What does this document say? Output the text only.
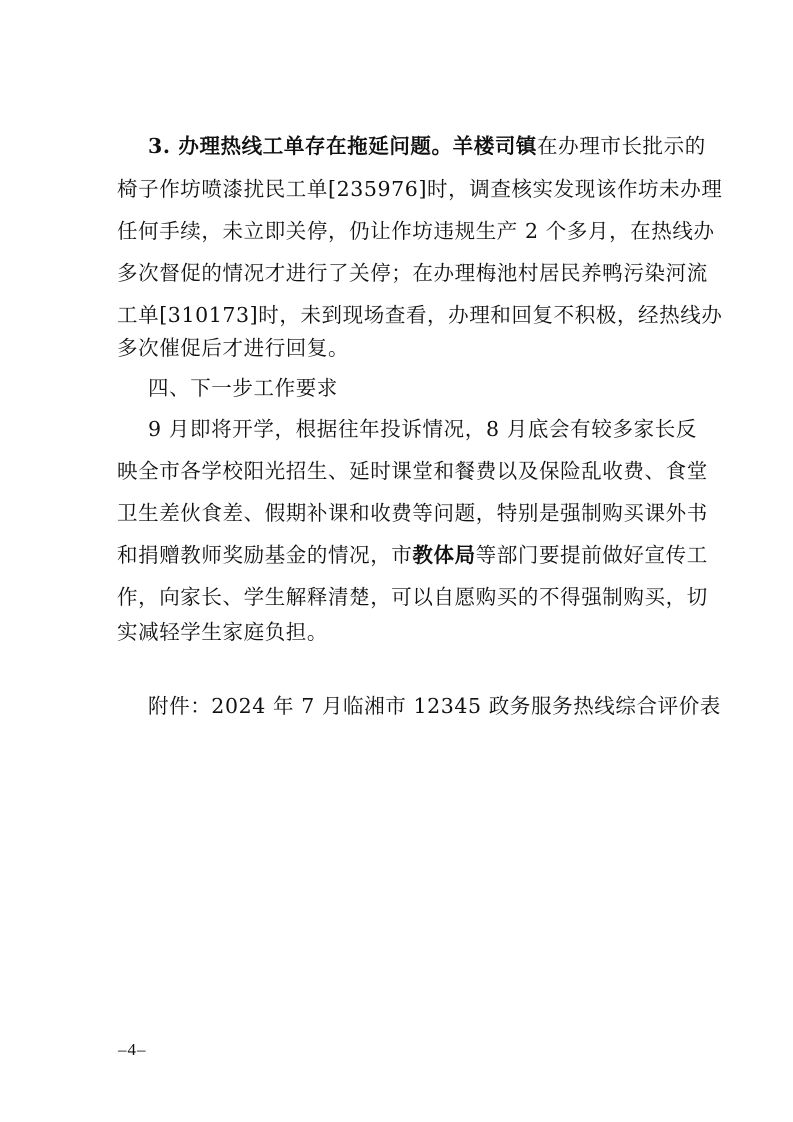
3. 办理热线工单存在拖延问题。羊楼司镇在办理市长批示的
椅子作坊喷漆扰民工单[235976]时，调查核实发现该作坊未办理
任何手续，未立即关停，仍让作坊违规生产 2 个多月，在热线办
多次督促的情况才进行了关停；在办理梅池村居民养鸭污染河流
工单[310173]时，未到现场查看，办理和回复不积极，经热线办
多次催促后才进行回复。
四、下一步工作要求
9 月即将开学，根据往年投诉情况，8 月底会有较多家长反
映全市各学校阳光招生、延时课堂和餐费以及保险乱收费、食堂
卫生差伙食差、假期补课和收费等问题，特别是强制购买课外书
和捐赠教师奖励基金的情况，市教体局等部门要提前做好宣传工
作，向家长、学生解释清楚，可以自愿购买的不得强制购买，切
实减轻学生家庭负担。
附件：2024 年 7 月临湘市 12345 政务服务热线综合评价表
–4–
